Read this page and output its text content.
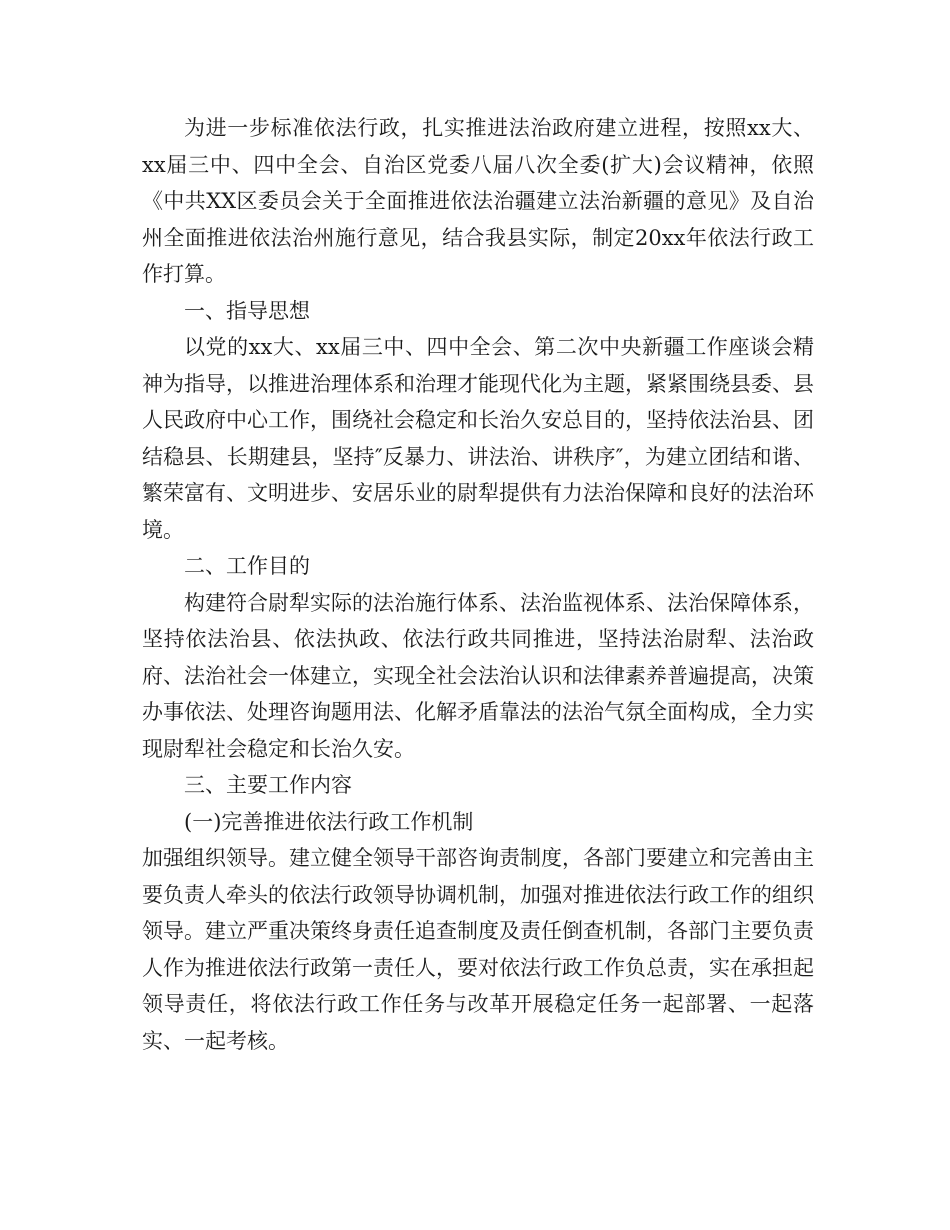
为进一步标准依法行政，扎实推进法治政府建立进程，按照xx大、xx届三中、四中全会、自治区党委八届八次全委(扩大)会议精神，依照《中共XX区委员会关于全面推进依法治疆建立法治新疆的意见》及自治州全面推进依法治州施行意见，结合我县实际，制定20xx年依法行政工作打算。

一、指导思想

以党的xx大、xx届三中、四中全会、第二次中央新疆工作座谈会精神为指导，以推进治理体系和治理才能现代化为主题，紧紧围绕县委、县人民政府中心工作，围绕社会稳定和长治久安总目的，坚持依法治县、团结稳县、长期建县，坚持″反暴力、讲法治、讲秩序″，为建立团结和谐、繁荣富有、文明进步、安居乐业的尉犁提供有力法治保障和良好的法治环境。

二、工作目的

构建符合尉犁实际的法治施行体系、法治监视体系、法治保障体系，坚持依法治县、依法执政、依法行政共同推进，坚持法治尉犁、法治政府、法治社会一体建立，实现全社会法治认识和法律素养普遍提高，决策办事依法、处理咨询题用法、化解矛盾靠法的法治气氛全面构成，全力实现尉犁社会稳定和长治久安。

三、主要工作内容

(一)完善推进依法行政工作机制

加强组织领导。建立健全领导干部咨询责制度，各部门要建立和完善由主要负责人牵头的依法行政领导协调机制，加强对推进依法行政工作的组织领导。建立严重决策终身责任追查制度及责任倒查机制，各部门主要负责人作为推进依法行政第一责任人，要对依法行政工作负总责，实在承担起领导责任，将依法行政工作任务与改革开展稳定任务一起部署、一起落实、一起考核。
